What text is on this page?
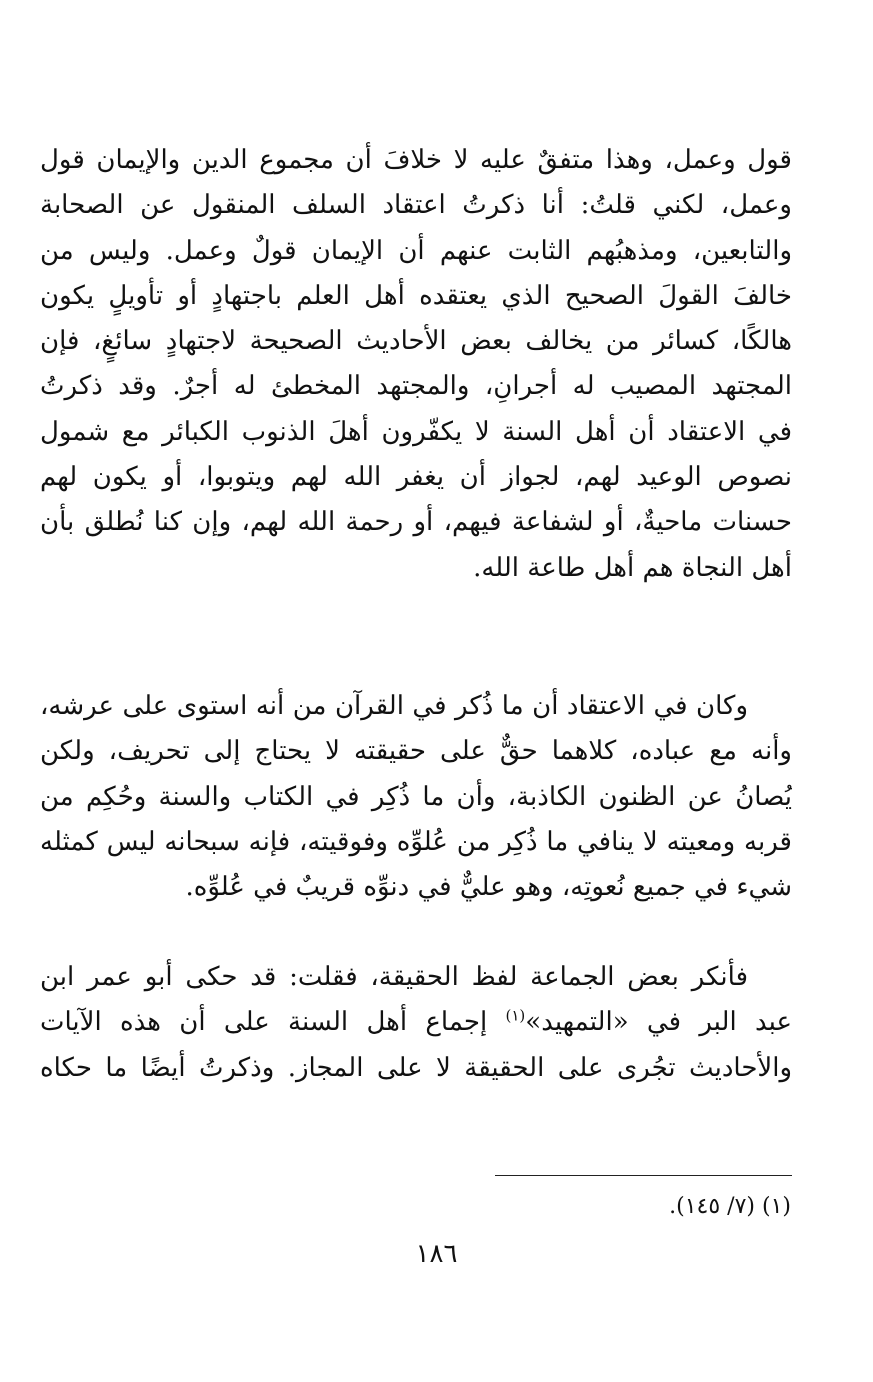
قول وعمل، وهذا متفقٌ عليه لا خلافَ أن مجموع الدين والإيمان قول
وعمل، لكني قلتُ: أنا ذكرتُ اعتقاد السلف المنقول عن الصحابة
والتابعين، ومذهبُهم الثابت عنهم أن الإيمان قولٌ وعمل. وليس من
خالفَ القولَ الصحيح الذي يعتقده أهل العلم باجتهادٍ أو تأويلٍ يكون
هالكًا، كسائر من يخالف بعض الأحاديث الصحيحة لاجتهادٍ سائغٍ، فإن
المجتهد المصيب له أجرانِ، والمجتهد المخطئ له أجرٌ. وقد ذكرتُ
في الاعتقاد أن أهل السنة لا يكفّرون أهلَ الذنوب الكبائر مع شمول
نصوص الوعيد لهم، لجواز أن يغفر الله لهم ويتوبوا، أو يكون لهم
حسنات ماحيةٌ، أو لشفاعة فيهم، أو رحمة الله لهم، وإن كنا نُطلق بأن
أهل النجاة هم أهل طاعة الله.
وكان في الاعتقاد أن ما ذُكر في القرآن من أنه استوى على عرشه،
وأنه مع عباده، كلاهما حقٌّ على حقيقته لا يحتاج إلى تحريف، ولكن
يُصانُ عن الظنون الكاذبة، وأن ما ذُكِر في الكتاب والسنة وحُكِم من
قربه ومعيته لا ينافي ما ذُكِر من عُلوِّه وفوقيته، فإنه سبحانه ليس كمثله
شيء في جميع نُعوتِه، وهو عليٌّ في دنوِّه قريبٌ في عُلوِّه.
فأنكر بعض الجماعة لفظ الحقيقة، فقلت: قد حكى أبو عمر ابن
عبد البر في «التمهيد»$^{(١)}$ إجماع أهل السنة على أن هذه الآيات
والأحاديث تجُرى على الحقيقة لا على المجاز. وذكرتُ أيضًا ما حكاه
(١) (٧/ ١٤٥).
١٨٦
